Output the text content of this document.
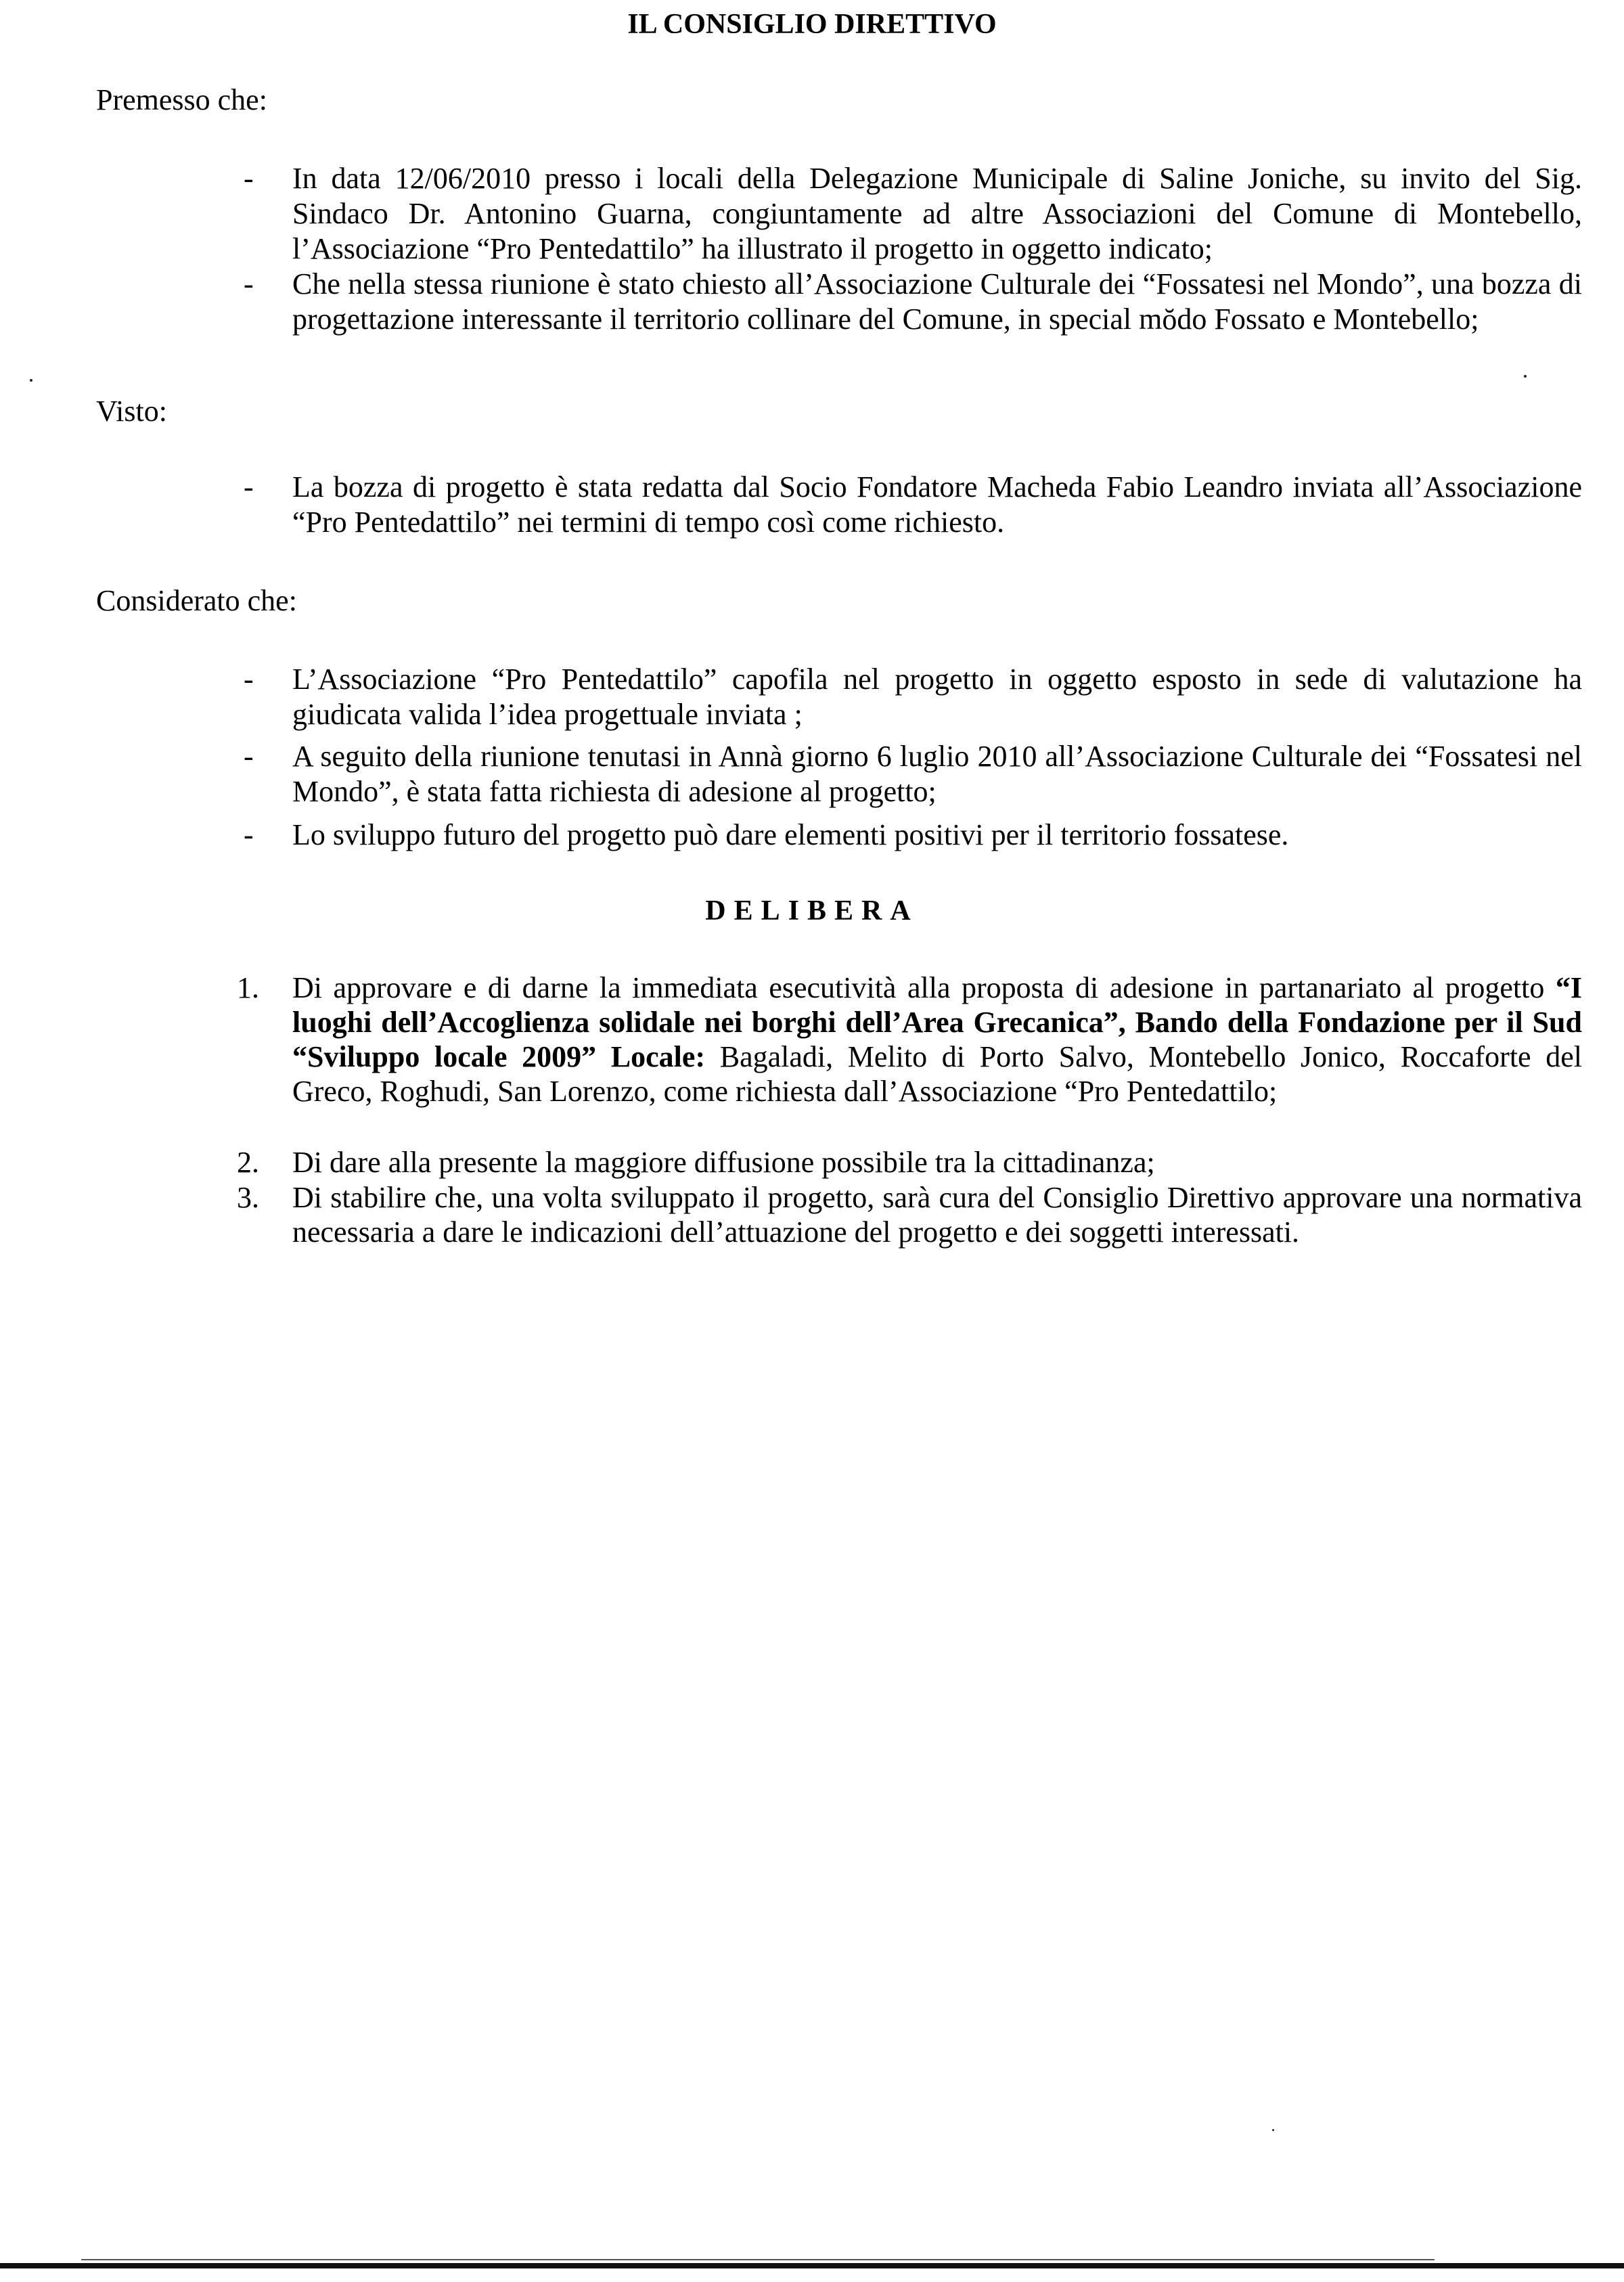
IL CONSIGLIO DIRETTIVO
Premesso che:
- In data 12/06/2010 presso i locali della Delegazione Municipale di Saline Joniche, su invito del Sig. Sindaco Dr. Antonino Guarna, congiuntamente ad altre Associazioni del Comune di Montebello, l’Associazione “Pro Pentedattilo” ha illustrato il progetto in oggetto indicato;
- Che nella stessa riunione è stato chiesto all’Associazione Culturale dei “Fossatesi nel Mondo”, una bozza di progettazione interessante il territorio collinare del Comune, in special mŏdo Fossato e Montebello;
Visto:
- La bozza di progetto è stata redatta dal Socio Fondatore Macheda Fabio Leandro inviata all’Associazione “Pro Pentedattilo” nei termini di tempo così come richiesto.
Considerato che:
- L’Associazione “Pro Pentedattilo” capofila nel progetto in oggetto esposto in sede di valutazione ha giudicata valida l’idea progettuale inviata ;
- A seguito della riunione tenutasi in Annà giorno 6 luglio 2010 all’Associazione Culturale dei “Fossatesi nel Mondo”, è stata fatta richiesta di adesione al progetto;
- Lo sviluppo futuro del progetto può dare elementi positivi per il territorio fossatese.
DELIBERA
1. Di approvare e di darne la immediata esecutività alla proposta di adesione in partanariato al progetto “I luoghi dell’Accoglienza solidale nei borghi dell’Area Grecanica”, Bando della Fondazione per il Sud “Sviluppo locale 2009” Locale: Bagaladi, Melito di Porto Salvo, Montebello Jonico, Roccaforte del Greco, Roghudi, San Lorenzo, come richiesta dall’Associazione “Pro Pentedattilo;
2. Di dare alla presente la maggiore diffusione possibile tra la cittadinanza;
3. Di stabilire che, una volta sviluppato il progetto, sarà cura del Consiglio Direttivo approvare una normativa necessaria a dare le indicazioni dell’attuazione del progetto e dei soggetti interessati.
